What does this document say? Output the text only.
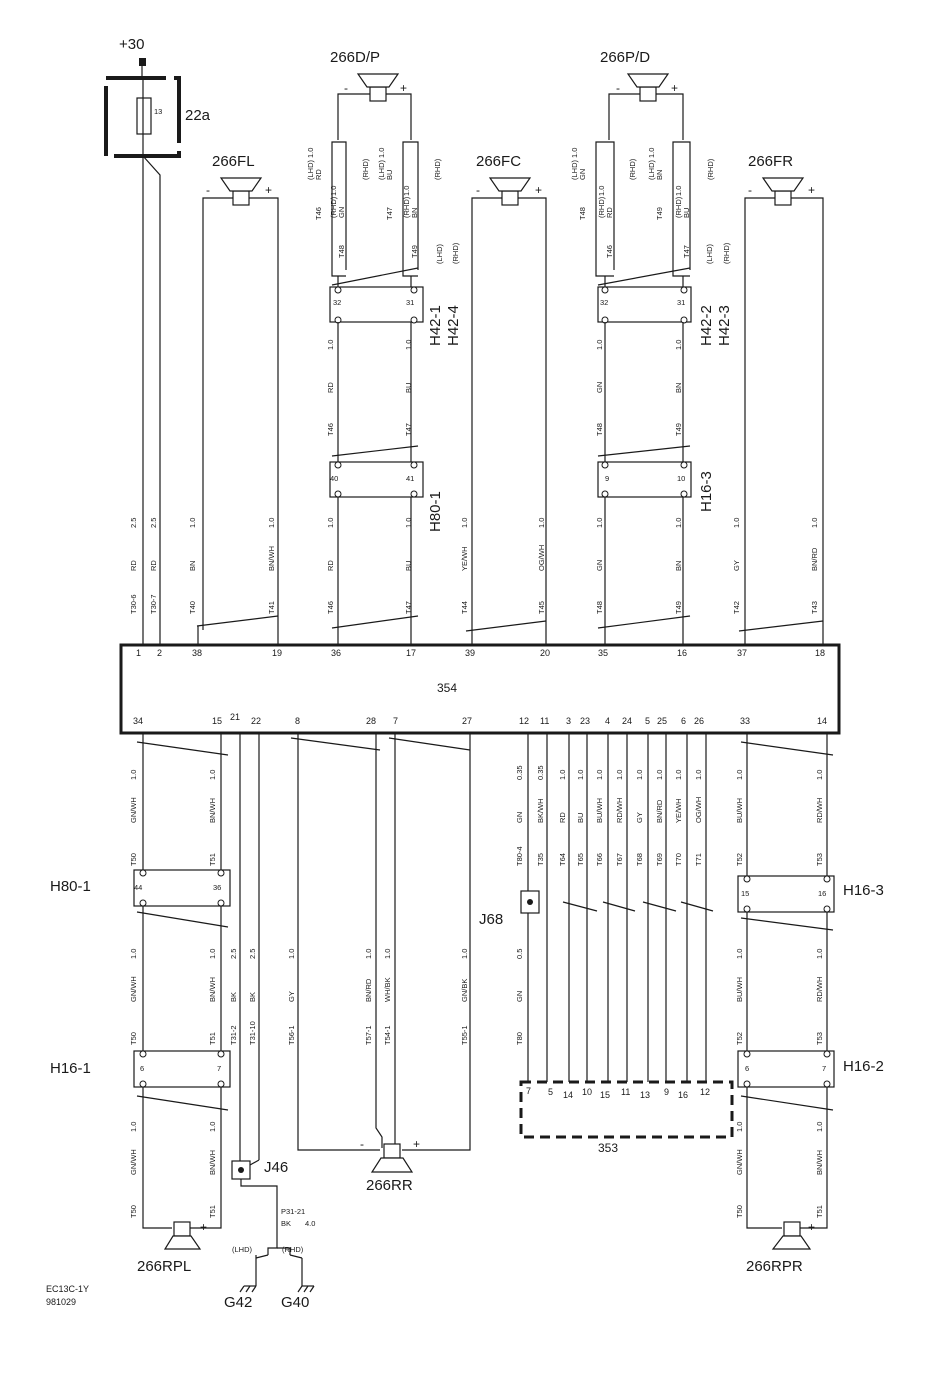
+30
13 22a
266FL
-	+
266FC
-	+
266FR
-	+
266D/P
-	+
32	31
H42-1 H42-4
40	41
H80-1
266P/D
-	+
32	31
H42-2 H42-3
9	10 H16-3
354
1 2	38	19	36	17	39	20	35	16	37	18
34	15 21 22	8	28 7	27	12 11 3 23 4 24 5 25 6 26	33	14
H80-1	44	36
H16-1	6	7
-	+
266RPL
J46
P31-21
BK 4.0
(LHD)	(RHD)
G42 G40
-	+
266RR
J68
7 5 14 10 15 11 13 9 16 12
353
H16-3
15	16
H16-2
6	7
-	+
266RPR
EC13C-1Y
981029
T30-6
RD
2.5
T30-7
RD
2.5
T40
BN
1.0
T41
BN/WH
1.0
T46
RD
1.0
T47
BU
1.0
T44
YE/WH
1.0
T45
OG/WH
1.0
T48
GN
1.0
T49
BN
1.0
T42
GY
1.0
T43
BN/RD
1.0
T46
RD
1.0
T47
BU
1.0
T48
GN
1.0
T49
BN
1.0
(LHD) RD
T46
1.0
(RHD) GN
T48
1.0
(LHD) BU
T47
1.0
(RHD) BN
T49
1.0
(LHD) GN
T48
1.0
(RHD) RD
T46
1.0
(LHD) BN
T49
1.0
(RHD) BU
T47
1.0
(LHD) (RHD)	(LHD) (RHD)
(RHD)	(RHD)	(RHD)	(RHD)
T50
GN/WH
1.0
T51
BN/WH
1.0
T50
GN/WH
1.0
T51
BN/WH
1.0
T50
GN/WH
1.0
T51
BN/WH
1.0
T31-2
BK
2.5
T31-10
BK
2.5
T56-1
GY
1.0
T57-1
BN/RD
1.0
T54-1
WH/BK
1.0
T55-1
GN/BK
1.0
T80-4
GN
0.35
T80
GN
0.5
T35
BK/WH
0.35
T64
RD
1.0
T65
BU
1.0
T66
BU/WH
1.0
T67
RD/WH
1.0
T68
GY
1.0
T69
BN/RD
1.0
T70
YE/WH
1.0
T71
OG/WH
1.0
T52
BU/WH
1.0
T53
RD/WH
1.0
T52
BU/WH
1.0
T53
RD/WH
1.0
T50
GN/WH
1.0
T51
BN/WH
1.0
